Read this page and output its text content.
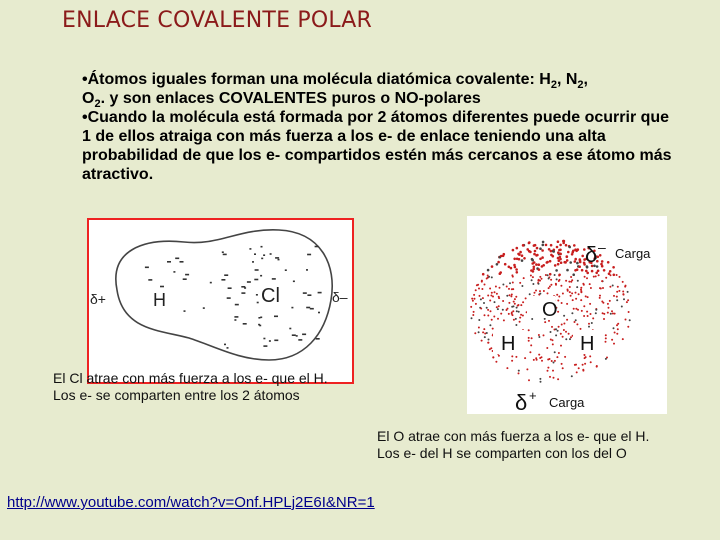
ENLACE COVALENTE POLAR

•Átomos iguales forman una molécula diatómica covalente: $H_2$, $N_2$,
$O_2$. y son enlaces COVALENTES puros o NO-polares

•Cuando la molécula está formada por 2 átomos diferentes puede ocurrir que 1 de ellos atraiga con más fuerza a los e- de enlace teniendo una alta probabilidad de que los e- compartidos estén más cercanos a ese átomo más atractivo.

δ+	H	Cl	δ–
El Cl atrae con más fuerza a los e- que el H.
Los e- se comparten entre los 2 átomos
δ – Carga
O
H	H
δ + Carga
El O atrae con más fuerza a los e- que el H.
Los e- del H se comparten con los del O
http://www.youtube.com/watch?v=Onf.HPLj2E6I&NR=1
